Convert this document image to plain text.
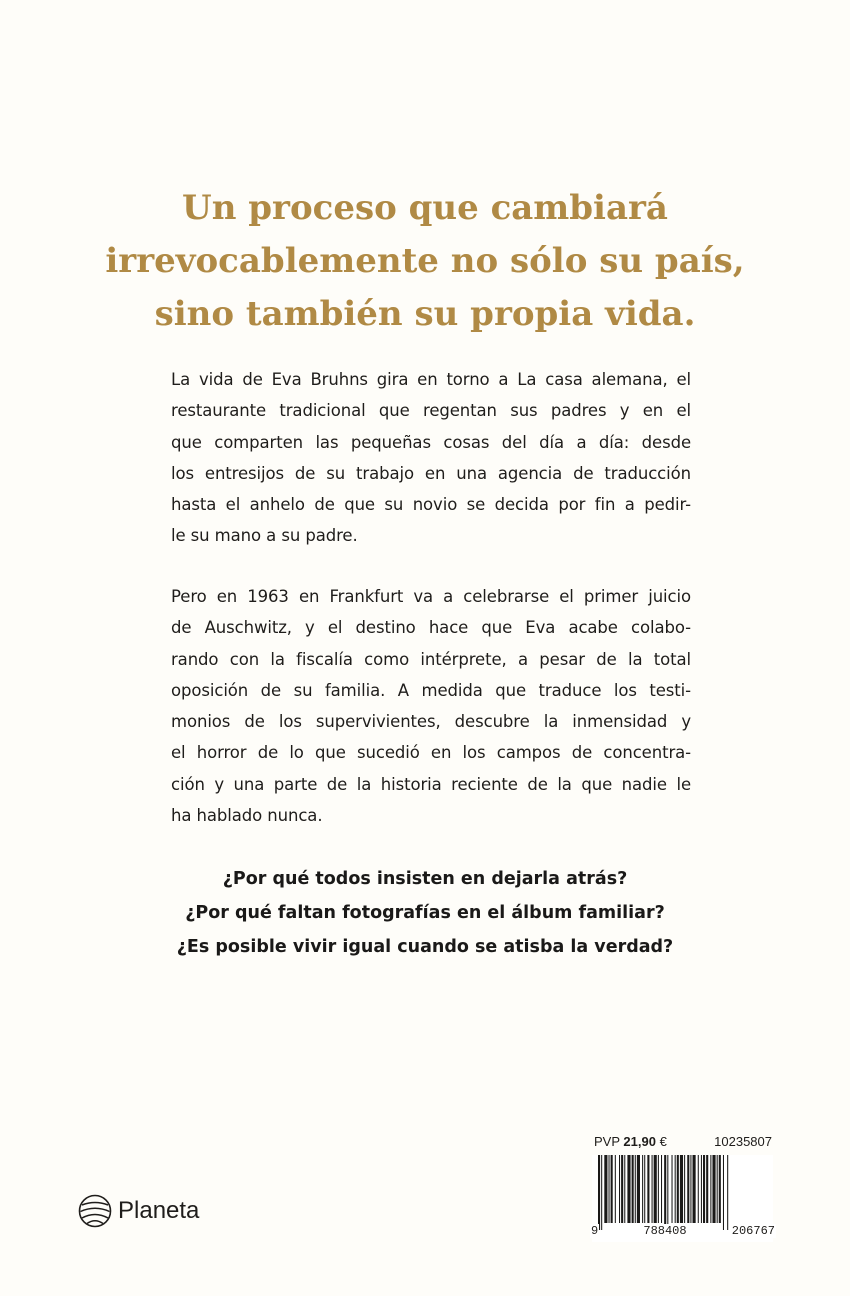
Un proceso que cambiará
irrevocablemente no sólo su país,
sino también su propia vida.
La vida de Eva Bruhns gira en torno a La casa alemana, el
restaurante tradicional que regentan sus padres y en el
que comparten las pequeñas cosas del día a día: desde
los entresijos de su trabajo en una agencia de traducción
hasta el anhelo de que su novio se decida por fin a pedir-
le su mano a su padre.
Pero en 1963 en Frankfurt va a celebrarse el primer juicio
de Auschwitz, y el destino hace que Eva acabe colabo-
rando con la fiscalía como intérprete, a pesar de la total
oposición de su familia. A medida que traduce los testi-
monios de los supervivientes, descubre la inmensidad y
el horror de lo que sucedió en los campos de concentra-
ción y una parte de la historia reciente de la que nadie le
ha hablado nunca.
¿Por qué todos insisten en dejarla atrás?
¿Por qué faltan fotografías en el álbum familiar?
¿Es posible vivir igual cuando se atisba la verdad?
Planeta
PVP 21,90 €	10235807
9	788408	206767
